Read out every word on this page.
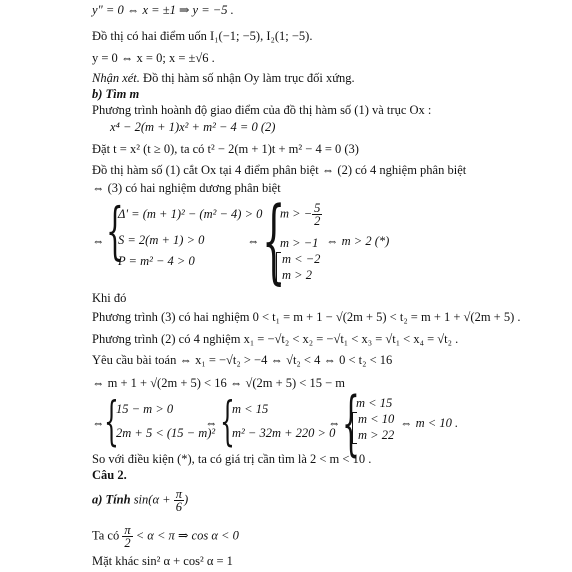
y" = 0 ⇔ x = ±1 ⇒ y = −5 .
Đồ thị có hai điểm uốn I₁(−1; −5), I₂(1; −5).
y = 0 ⇔ x = 0; x = ±√6 .
Nhận xét. Đồ thị hàm số nhận Oy làm trục đối xứng.
b) Tìm m
Phương trình hoành độ giao điểm của đồ thị hàm số (1) và trục Ox :
x⁴ − 2(m + 1)x² + m² − 4 = 0 (2)
Đặt t = x² (t ≥ 0), ta có t² − 2(m + 1)t + m² − 4 = 0 (3)
Đồ thị hàm số (1) cắt Ox tại 4 điểm phân biệt ⇔ (2) có 4 nghiệm phân biệt
⇔ (3) có hai nghiệm dương phân biệt
⇔ {
Δ' = (m + 1)² − (m² − 4) > 0
S = 2(m + 1) > 0
P = m² − 4 > 0
⇔ {
m > − $\frac{5}{2}$
m > −1
m < −2
m > 2
⇔ m > 2 (*)
Khi đó
Phương trình (3) có hai nghiệm 0 < t₁ = m + 1 − √(2m + 5) < t₂ = m + 1 + √(2m + 5) .
Phương trình (2) có 4 nghiệm x₁ = −√t₂ < x₂ = −√t₁ < x₃ = √t₁ < x₄ = √t₂ .
Yêu cầu bài toán ⇔ x₁ = −√t₂ > −4 ⇔ √t₂ < 4 ⇔ 0 < t₂ < 16
⇔ m + 1 + √(2m + 5) < 16 ⇔ √(2m + 5) < 15 − m
⇔ {
15 − m > 0
2m + 5 < (15 − m)²
⇔ {
m < 15
m² − 32m + 220 > 0
⇔ {
m < 15
m < 10
m > 22
⇔ m < 10 .
So với điều kiện (*), ta có giá trị cần tìm là 2 < m < 10 .
Câu 2.
a) Tính $\sin(\alpha + \frac{\pi}{6}$ )
Ta có $\frac{\pi}{2} < \alpha < \pi$ ⇒ cos α < 0
Mặt khác sin² α + cos² α = 1
